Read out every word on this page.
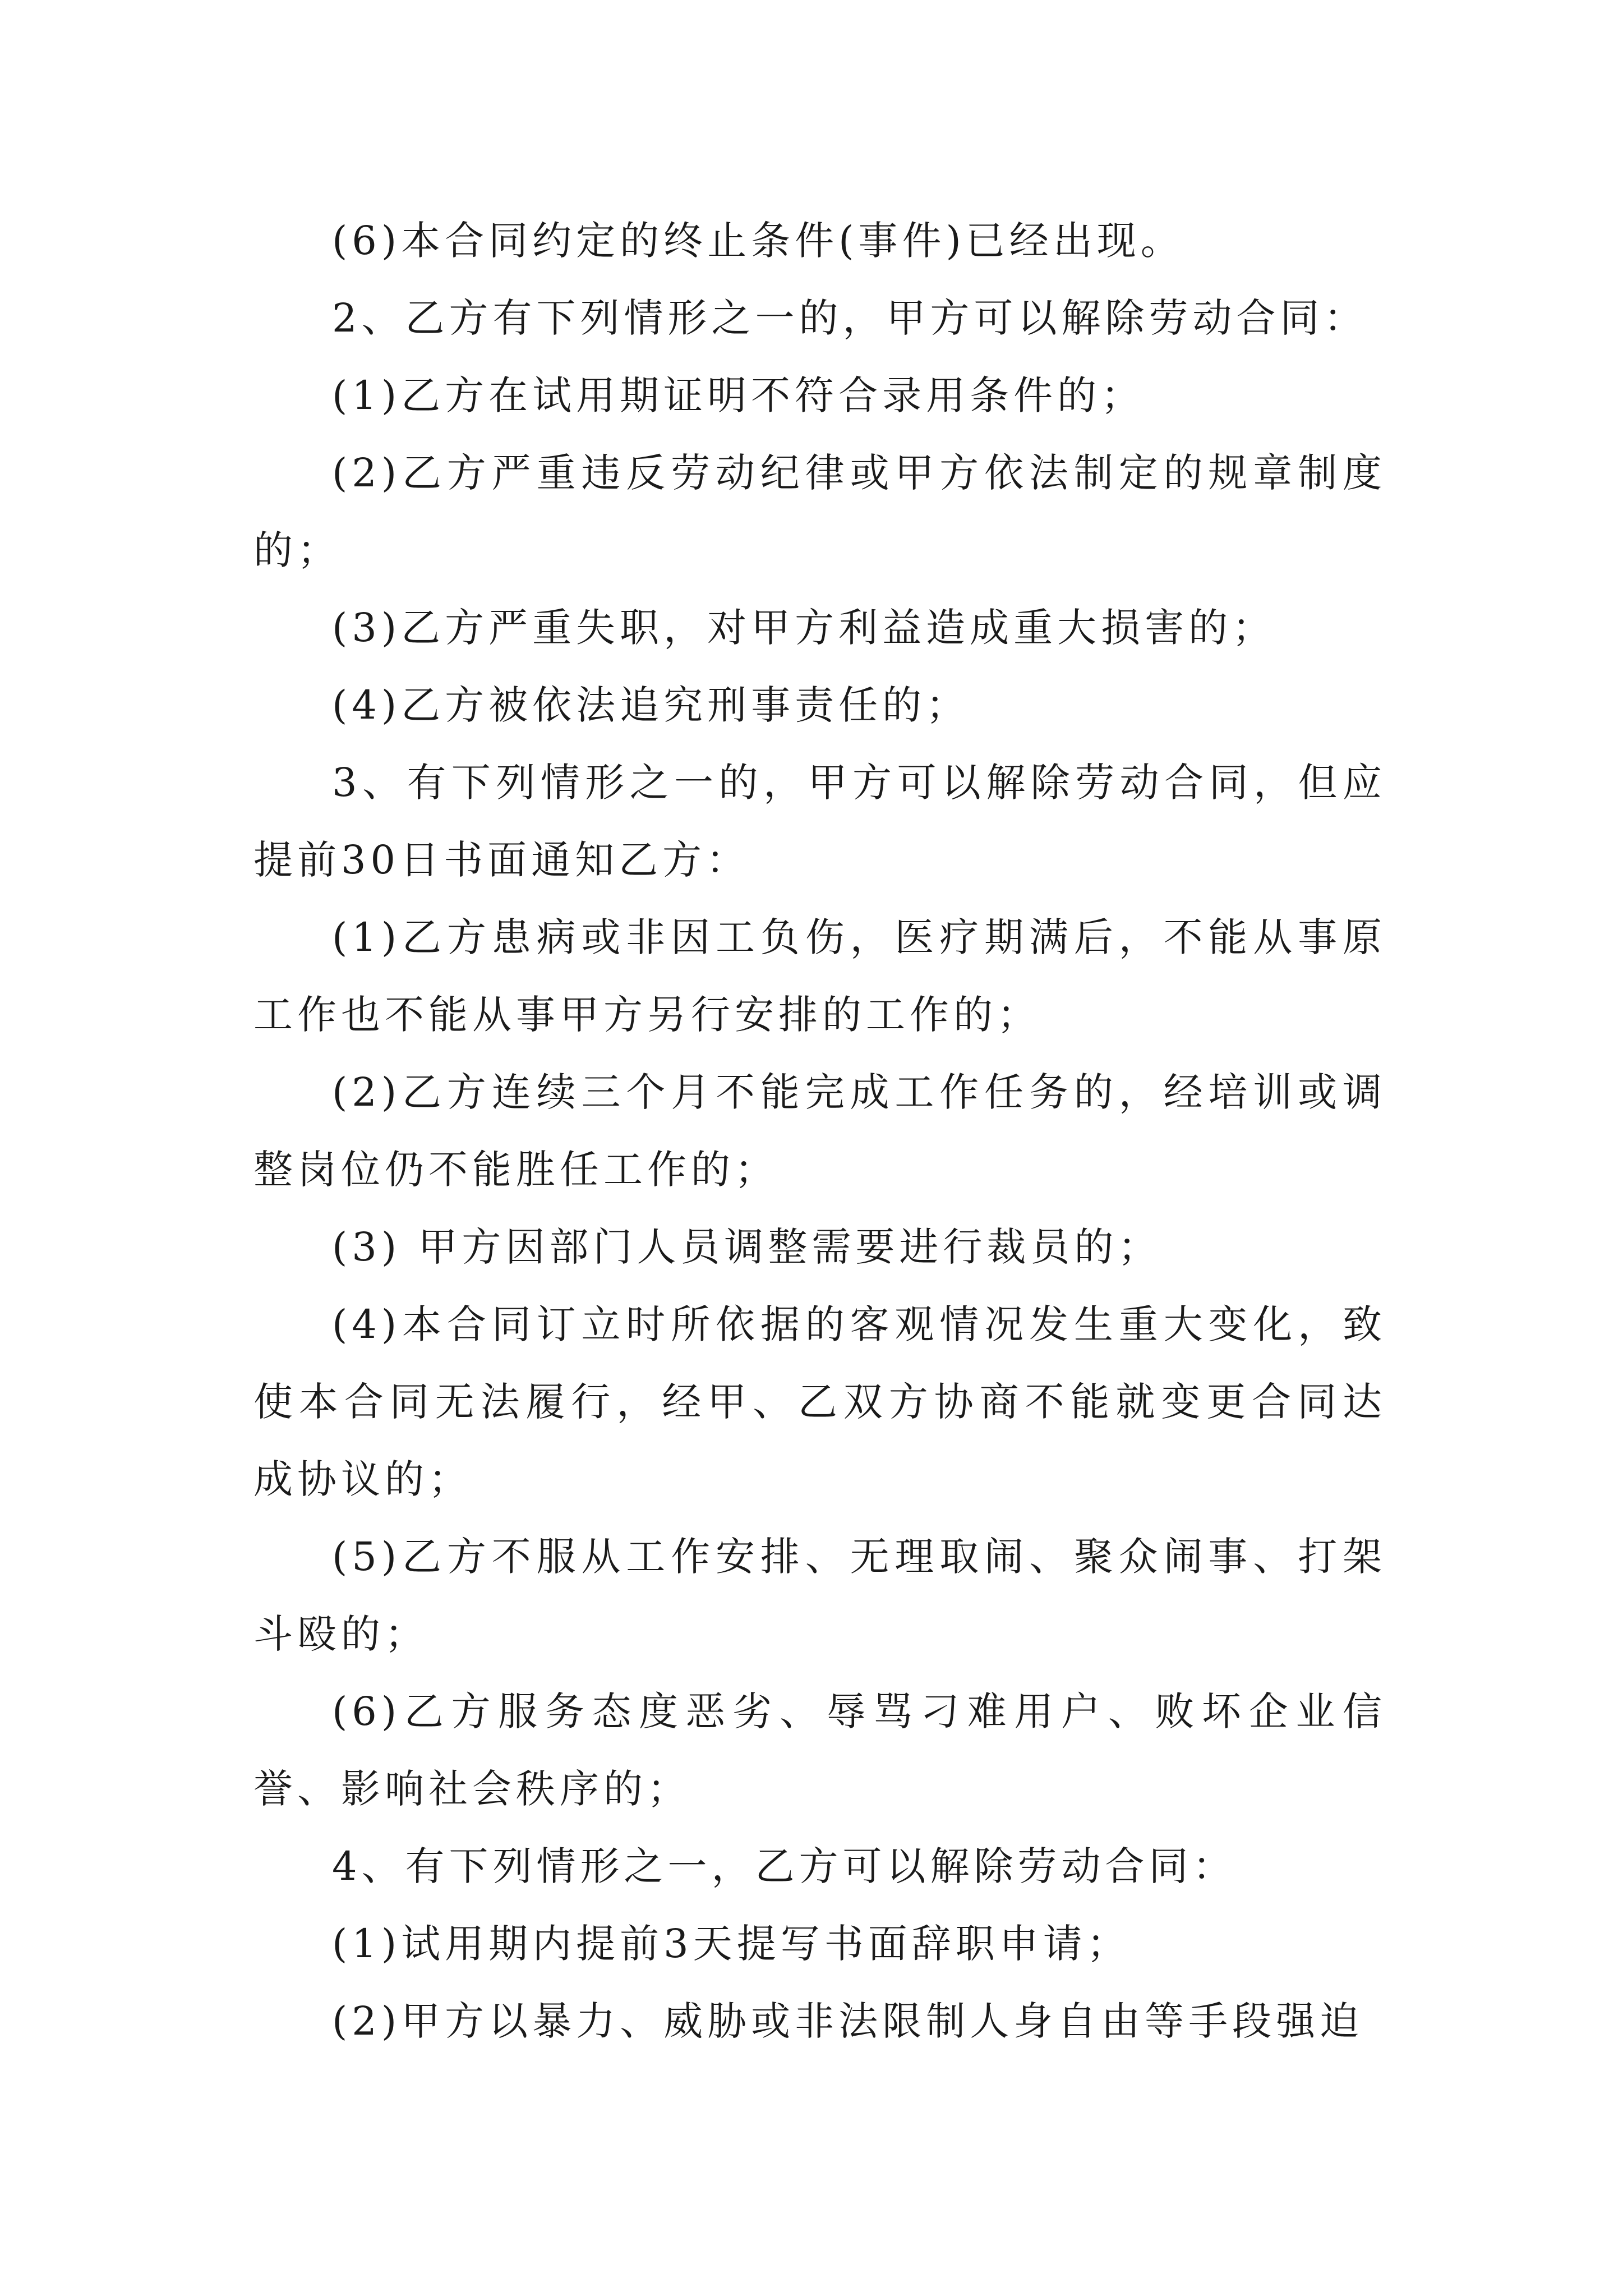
(6)本合同约定的终止条件(事件)已经出现。

2、乙方有下列情形之一的，甲方可以解除劳动合同：

(1)乙方在试用期证明不符合录用条件的；

(2)乙方严重违反劳动纪律或甲方依法制定的规章制度的；

(3)乙方严重失职，对甲方利益造成重大损害的；

(4)乙方被依法追究刑事责任的；

3、有下列情形之一的，甲方可以解除劳动合同，但应提前30日书面通知乙方：

(1)乙方患病或非因工负伤，医疗期满后，不能从事原工作也不能从事甲方另行安排的工作的；

(2)乙方连续三个月不能完成工作任务的，经培训或调整岗位仍不能胜任工作的；

(3) 甲方因部门人员调整需要进行裁员的；

(4)本合同订立时所依据的客观情况发生重大变化，致使本合同无法履行，经甲、乙双方协商不能就变更合同达成协议的；

(5)乙方不服从工作安排、无理取闹、聚众闹事、打架斗殴的；

(6)乙方服务态度恶劣、辱骂刁难用户、败坏企业信誉、影响社会秩序的；

4、有下列情形之一，乙方可以解除劳动合同：

(1)试用期内提前3天提写书面辞职申请；

(2)甲方以暴力、威胁或非法限制人身自由等手段强迫
